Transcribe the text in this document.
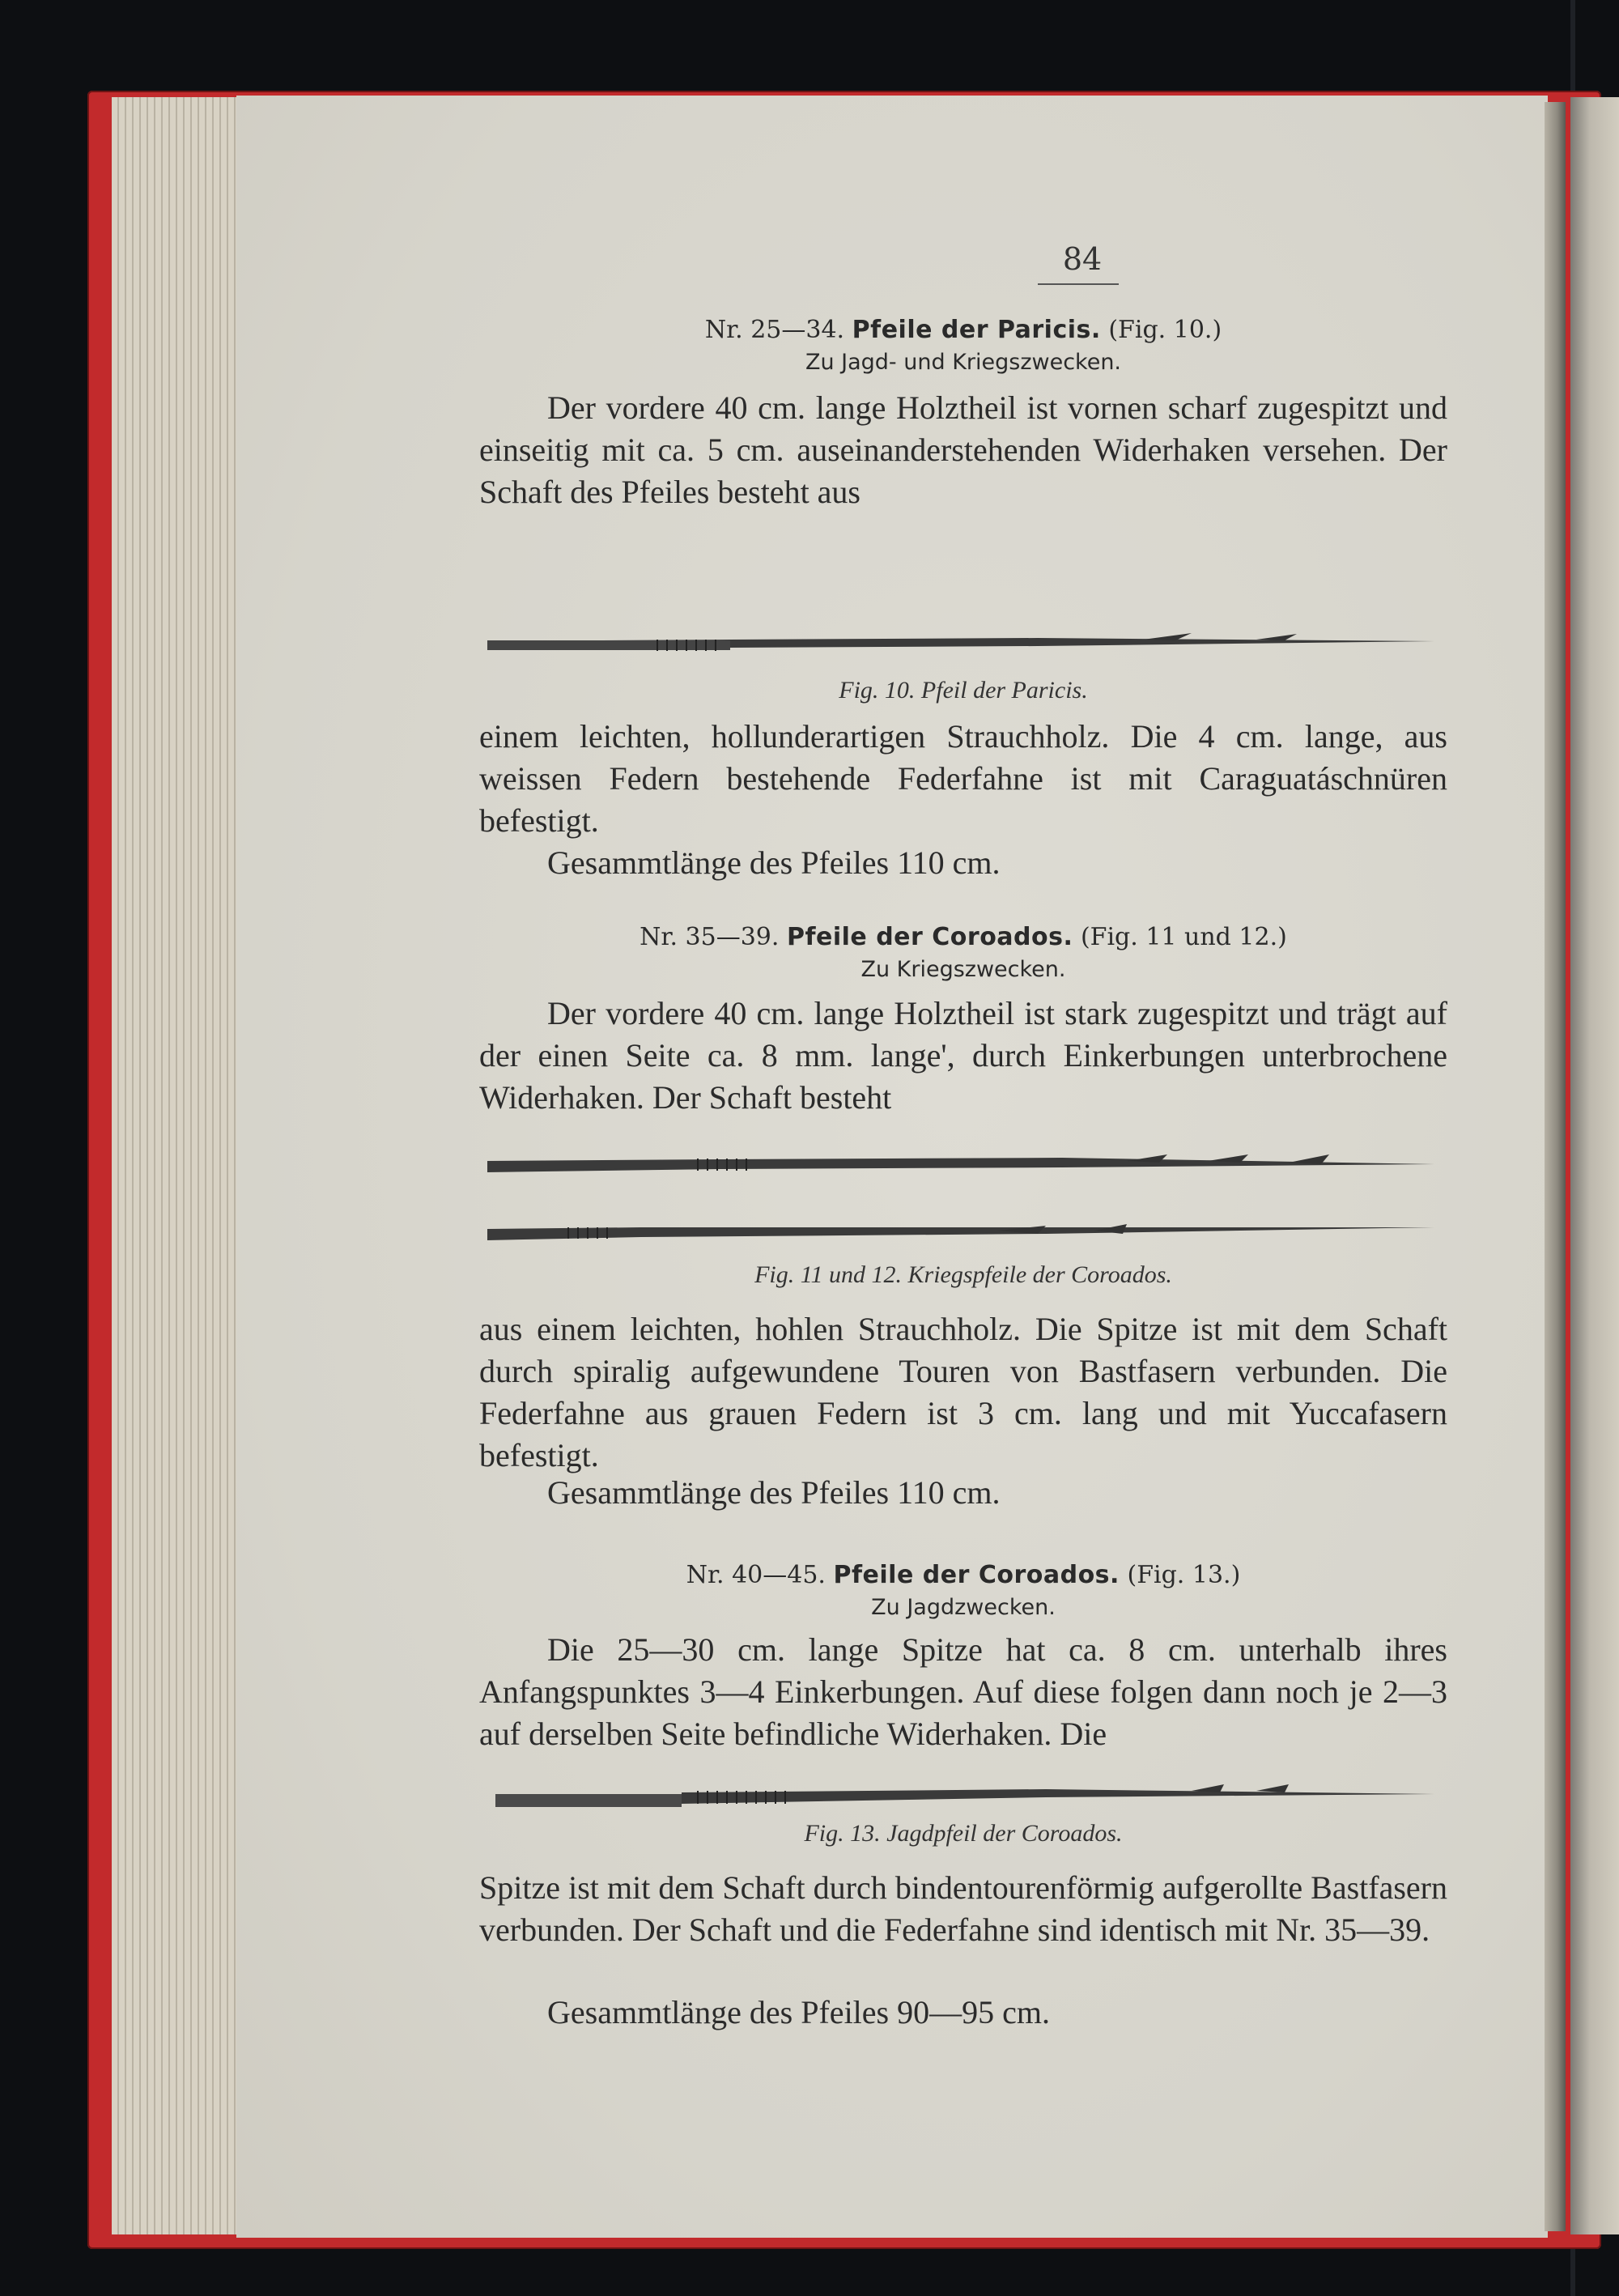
84
Nr. 25—34. Pfeile der Paricis. (Fig. 10.)
Zu Jagd- und Kriegszwecken.

Der vordere 40 cm. lange Holztheil ist vornen scharf zugespitzt und einseitig mit ca. 5 cm. auseinanderstehenden Widerhaken versehen. Der Schaft des Pfeiles besteht aus

Fig. 10. Pfeil der Paricis.

einem leichten, hollunderartigen Strauchholz. Die 4 cm. lange, aus weissen Federn bestehende Federfahne ist mit Caraguatáschnüren befestigt.

Gesammtlänge des Pfeiles 110 cm.

Nr. 35—39. Pfeile der Coroados. (Fig. 11 und 12.)
Zu Kriegszwecken.

Der vordere 40 cm. lange Holztheil ist stark zugespitzt und trägt auf der einen Seite ca. 8 mm. lange', durch Einkerbungen unterbrochene Widerhaken. Der Schaft besteht

Fig. 11 und 12. Kriegspfeile der Coroados.

aus einem leichten, hohlen Strauchholz. Die Spitze ist mit dem Schaft durch spiralig aufgewundene Touren von Bastfasern verbunden. Die Federfahne aus grauen Federn ist 3 cm. lang und mit Yuccafasern befestigt.

Gesammtlänge des Pfeiles 110 cm.

Nr. 40—45. Pfeile der Coroados. (Fig. 13.)
Zu Jagdzwecken.

Die 25—30 cm. lange Spitze hat ca. 8 cm. unterhalb ihres Anfangspunktes 3—4 Einkerbungen. Auf diese folgen dann noch je 2—3 auf derselben Seite befindliche Widerhaken. Die

Fig. 13. Jagdpfeil der Coroados.

Spitze ist mit dem Schaft durch bindentourenförmig aufgerollte Bastfasern verbunden. Der Schaft und die Federfahne sind identisch mit Nr. 35—39.

Gesammtlänge des Pfeiles 90—95 cm.
